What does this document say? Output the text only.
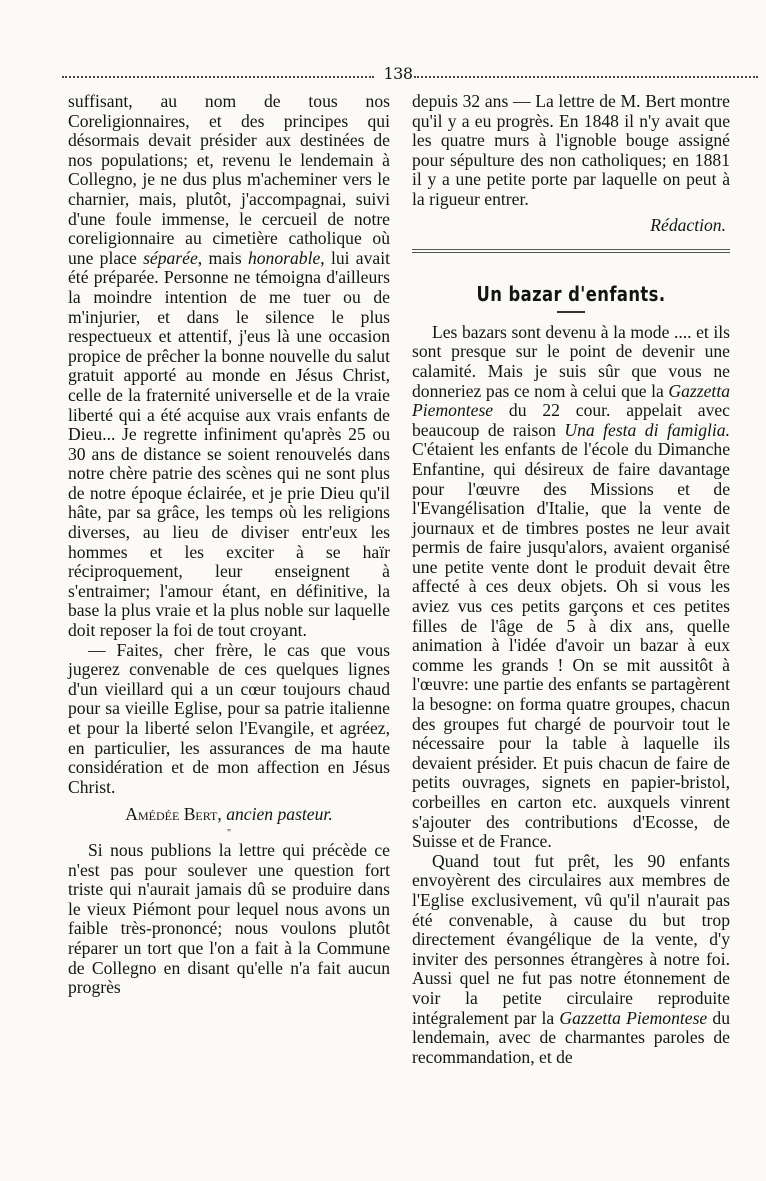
138

suffisant, au nom de tous nos Coreligionnaires, et des principes qui désormais devait présider aux destinées de nos populations; et, revenu le lendemain à Collegno, je ne dus plus m'acheminer vers le charnier, mais, plutôt, j'accompagnai, suivi d'une foule immense, le cercueil de notre coreligionnaire au cimetière catholique où une place séparée, mais honorable, lui avait été préparée. Personne ne témoigna d'ailleurs la moindre intention de me tuer ou de m'injurier, et dans le silence le plus respectueux et attentif, j'eus là une occasion propice de prêcher la bonne nouvelle du salut gratuit apporté au monde en Jésus Christ, celle de la fraternité universelle et de la vraie liberté qui a été acquise aux vrais enfants de Dieu... Je regrette infiniment qu'après 25 ou 30 ans de distance se soient renouvelés dans notre chère patrie des scènes qui ne sont plus de notre époque éclairée, et je prie Dieu qu'il hâte, par sa grâce, les temps où les religions diverses, au lieu de diviser entr'eux les hommes et les exciter à se haïr réciproquement, leur enseignent à s'entraimer; l'amour étant, en définitive, la base la plus vraie et la plus noble sur laquelle doit reposer la foi de tout croyant.

— Faites, cher frère, le cas que vous jugerez convenable de ces quelques lignes d'un vieillard qui a un cœur toujours chaud pour sa vieille Eglise, pour sa patrie italienne et pour la liberté selon l'Evangile, et agréez, en particulier, les assurances de ma haute considération et de mon affection en Jésus Christ.

Amédée Bert, ancien pasteur.
"

Si nous publions la lettre qui précède ce n'est pas pour soulever une question fort triste qui n'aurait jamais dû se produire dans le vieux Piémont pour lequel nous avons un faible très-prononcé; nous voulons plutôt réparer un tort que l'on a fait à la Commune de Collegno en disant qu'elle n'a fait aucun progrès

depuis 32 ans — La lettre de M. Bert montre qu'il y a eu progrès. En 1848 il n'y avait que les quatre murs à l'ignoble bouge assigné pour sépulture des non catholiques; en 1881 il y a une petite porte par laquelle on peut à la rigueur entrer.

Rédaction.
Un bazar d'enfants.

Les bazars sont devenu à la mode .... et ils sont presque sur le point de devenir une calamité. Mais je suis sûr que vous ne donneriez pas ce nom à celui que la Gazzetta Piemontese du 22 cour. appelait avec beaucoup de raison Una festa di famiglia. C'étaient les enfants de l'école du Dimanche Enfantine, qui désireux de faire davantage pour l'œuvre des Missions et de l'Evangélisation d'Italie, que la vente de journaux et de timbres postes ne leur avait permis de faire jusqu'alors, avaient organisé une petite vente dont le produit devait être affecté à ces deux objets. Oh si vous les aviez vus ces petits garçons et ces petites filles de l'âge de 5 à dix ans, quelle animation à l'idée d'avoir un bazar à eux comme les grands ! On se mit aussitôt à l'œuvre: une partie des enfants se partagèrent la besogne: on forma quatre groupes, chacun des groupes fut chargé de pourvoir tout le nécessaire pour la table à laquelle ils devaient présider. Et puis chacun de faire de petits ouvrages, signets en papier-bristol, corbeilles en carton etc. auxquels vinrent s'ajouter des contributions d'Ecosse, de Suisse et de France.

Quand tout fut prêt, les 90 enfants envoyèrent des circulaires aux membres de l'Eglise exclusivement, vû qu'il n'aurait pas été convenable, à cause du but trop directement évangélique de la vente, d'y inviter des personnes étrangères à notre foi. Aussi quel ne fut pas notre étonnement de voir la petite circulaire reproduite intégralement par la Gazzetta Piemontese du lendemain, avec de charmantes paroles de recommandation, et de
